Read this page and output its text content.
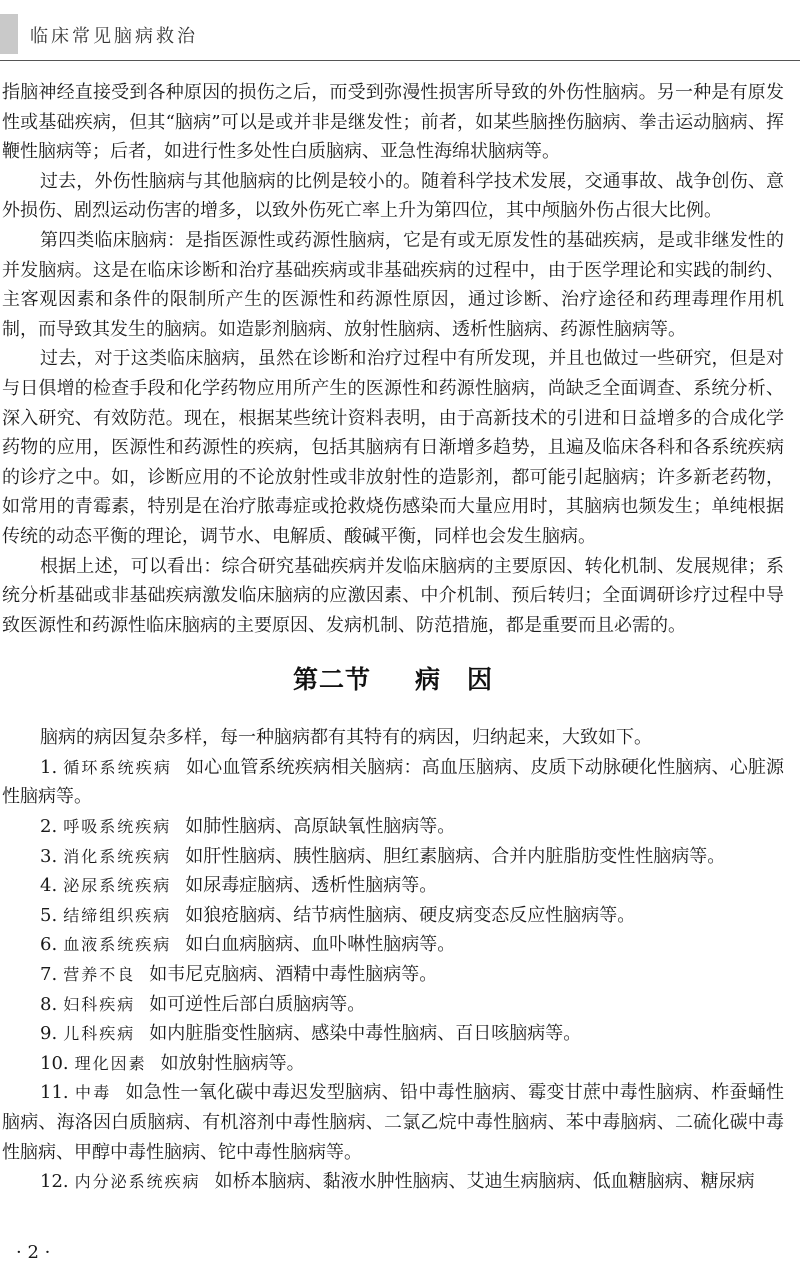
临床常见脑病救治

指脑神经直接受到各种原因的损伤之后，而受到弥漫性损害所导致的外伤性脑病。另一种是有原发性或基础疾病，但其“脑病”可以是或并非是继发性；前者，如某些脑挫伤脑病、拳击运动脑病、挥鞭性脑病等；后者，如进行性多处性白质脑病、亚急性海绵状脑病等。

过去，外伤性脑病与其他脑病的比例是较小的。随着科学技术发展，交通事故、战争创伤、意外损伤、剧烈运动伤害的增多，以致外伤死亡率上升为第四位，其中颅脑外伤占很大比例。

第四类临床脑病：是指医源性或药源性脑病，它是有或无原发性的基础疾病，是或非继发性的并发脑病。这是在临床诊断和治疗基础疾病或非基础疾病的过程中，由于医学理论和实践的制约、主客观因素和条件的限制所产生的医源性和药源性原因，通过诊断、治疗途径和药理毒理作用机制，而导致其发生的脑病。如造影剂脑病、放射性脑病、透析性脑病、药源性脑病等。

过去，对于这类临床脑病，虽然在诊断和治疗过程中有所发现，并且也做过一些研究，但是对与日俱增的检查手段和化学药物应用所产生的医源性和药源性脑病，尚缺乏全面调查、系统分析、深入研究、有效防范。现在，根据某些统计资料表明，由于高新技术的引进和日益增多的合成化学药物的应用，医源性和药源性的疾病，包括其脑病有日渐增多趋势，且遍及临床各科和各系统疾病的诊疗之中。如，诊断应用的不论放射性或非放射性的造影剂，都可能引起脑病；许多新老药物，如常用的青霉素，特别是在治疗脓毒症或抢救烧伤感染而大量应用时，其脑病也频发生；单纯根据传统的动态平衡的理论，调节水、电解质、酸碱平衡，同样也会发生脑病。

根据上述，可以看出：综合研究基础疾病并发临床脑病的主要原因、转化机制、发展规律；系统分析基础或非基础疾病激发临床脑病的应激因素、中介机制、预后转归；全面调研诊疗过程中导致医源性和药源性临床脑病的主要原因、发病机制、防范措施，都是重要而且必需的。

第二节 病　因

脑病的病因复杂多样，每一种脑病都有其特有的病因，归纳起来，大致如下。

1. 循环系统疾病 如心血管系统疾病相关脑病：高血压脑病、皮质下动脉硬化性脑病、心脏源性脑病等。

2. 呼吸系统疾病 如肺性脑病、高原缺氧性脑病等。

3. 消化系统疾病 如肝性脑病、胰性脑病、胆红素脑病、合并内脏脂肪变性性脑病等。

4. 泌尿系统疾病 如尿毒症脑病、透析性脑病等。

5. 结缔组织疾病 如狼疮脑病、结节病性脑病、硬皮病变态反应性脑病等。

6. 血液系统疾病 如白血病脑病、血卟啉性脑病等。

7. 营养不良 如韦尼克脑病、酒精中毒性脑病等。

8. 妇科疾病 如可逆性后部白质脑病等。

9. 儿科疾病 如内脏脂变性脑病、感染中毒性脑病、百日咳脑病等。

10. 理化因素 如放射性脑病等。

11. 中毒 如急性一氧化碳中毒迟发型脑病、铅中毒性脑病、霉变甘蔗中毒性脑病、柞蚕蛹性脑病、海洛因白质脑病、有机溶剂中毒性脑病、二氯乙烷中毒性脑病、苯中毒脑病、二硫化碳中毒性脑病、甲醇中毒性脑病、铊中毒性脑病等。

12. 内分泌系统疾病 如桥本脑病、黏液水肿性脑病、艾迪生病脑病、低血糖脑病、糖尿病

· 2 ·
